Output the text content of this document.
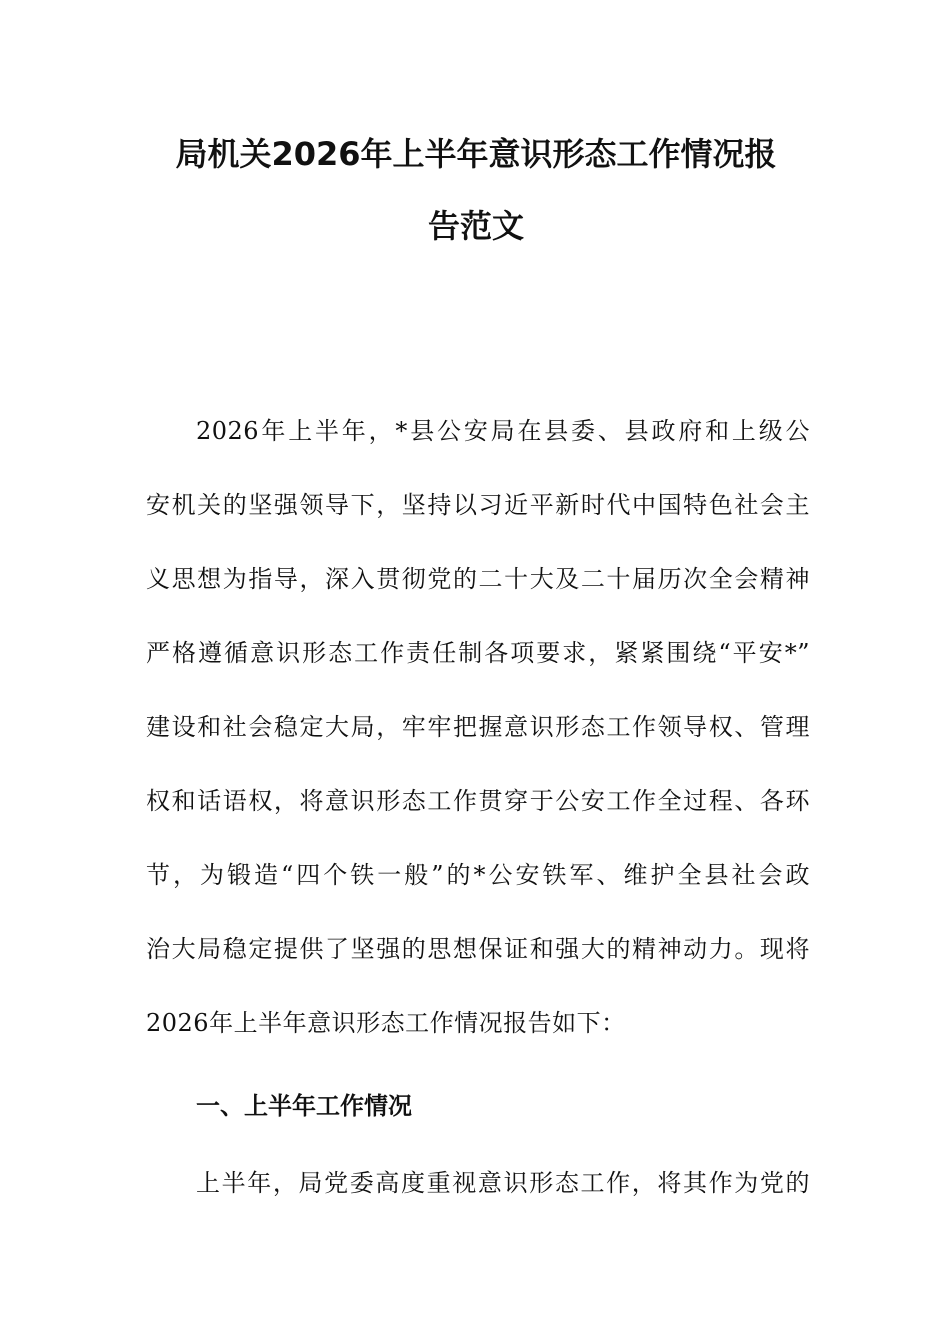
局机关2026年上半年意识形态工作情况报
告范文

2026年上半年，*县公安局在县委、县政府和上级公
安机关的坚强领导下，坚持以习近平新时代中国特色社会主
义思想为指导，深入贯彻党的二十大及二十届历次全会精神
严格遵循意识形态工作责任制各项要求，紧紧围绕“平安*”
建设和社会稳定大局，牢牢把握意识形态工作领导权、管理
权和话语权，将意识形态工作贯穿于公安工作全过程、各环
节，为锻造“四个铁一般”的*公安铁军、维护全县社会政
治大局稳定提供了坚强的思想保证和强大的精神动力。现将
2026年上半年意识形态工作情况报告如下：

一、上半年工作情况

上半年，局党委高度重视意识形态工作，将其作为党的
